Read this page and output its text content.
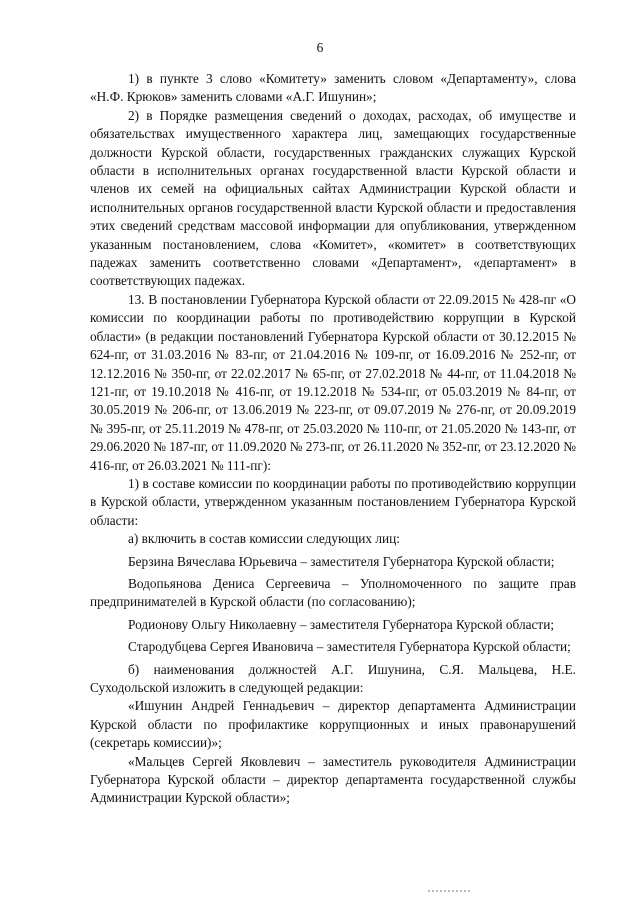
6

1) в пункте 3 слово «Комитету» заменить словом «Департаменту», слова «Н.Ф. Крюков» заменить словами «А.Г. Ишунин»;

2) в Порядке размещения сведений о доходах, расходах, об имуществе и обязательствах имущественного характера лиц, замещающих государственные должности Курской области, государственных гражданских служащих Курской области в исполнительных органах государственной власти Курской области и членов их семей на официальных сайтах Администрации Курской области и исполнительных органов государственной власти Курской области и предоставления этих сведений средствам массовой информации для опубликования, утвержденном указанным постановлением, слова «Комитет», «комитет» в соответствующих падежах заменить соответственно словами «Департамент», «департамент» в соответствующих падежах.

13. В постановлении Губернатора Курской области от 22.09.2015 № 428-пг «О комиссии по координации работы по противодействию коррупции в Курской области» (в редакции постановлений Губернатора Курской области от 30.12.2015 № 624-пг, от 31.03.2016 № 83-пг, от 21.04.2016 № 109-пг, от 16.09.2016 № 252-пг, от 12.12.2016 № 350-пг, от 22.02.2017 № 65-пг, от 27.02.2018 № 44-пг, от 11.04.2018 № 121-пг, от 19.10.2018 № 416-пг, от 19.12.2018 № 534-пг, от 05.03.2019 № 84-пг, от 30.05.2019 № 206-пг, от 13.06.2019 № 223-пг, от 09.07.2019 № 276-пг, от 20.09.2019 № 395-пг, от 25.11.2019 № 478-пг, от 25.03.2020 № 110-пг, от 21.05.2020 № 143-пг, от 29.06.2020 № 187-пг, от 11.09.2020 № 273-пг, от 26.11.2020 № 352-пг, от 23.12.2020 № 416-пг, от 26.03.2021 № 111-пг):

1) в составе комиссии по координации работы по противодействию коррупции в Курской области, утвержденном указанным постановлением Губернатора Курской области:

а) включить в состав комиссии следующих лиц:

Берзина Вячеслава Юрьевича – заместителя Губернатора Курской области;

Водопьянова Дениса Сергеевича – Уполномоченного по защите прав предпринимателей в Курской области (по согласованию);

Родионову Ольгу Николаевну – заместителя Губернатора Курской области;

Стародубцева Сергея Ивановича – заместителя Губернатора Курской области;

б) наименования должностей А.Г. Ишунина, С.Я. Мальцева, Н.Е. Суходольской изложить в следующей редакции:

«Ишунин Андрей Геннадьевич – директор департамента Администрации Курской области по профилактике коррупционных и иных правонарушений (секретарь комиссии)»;

«Мальцев Сергей Яковлевич – заместитель руководителя Администрации Губернатора Курской области – директор департамента государственной службы Администрации Курской области»;
